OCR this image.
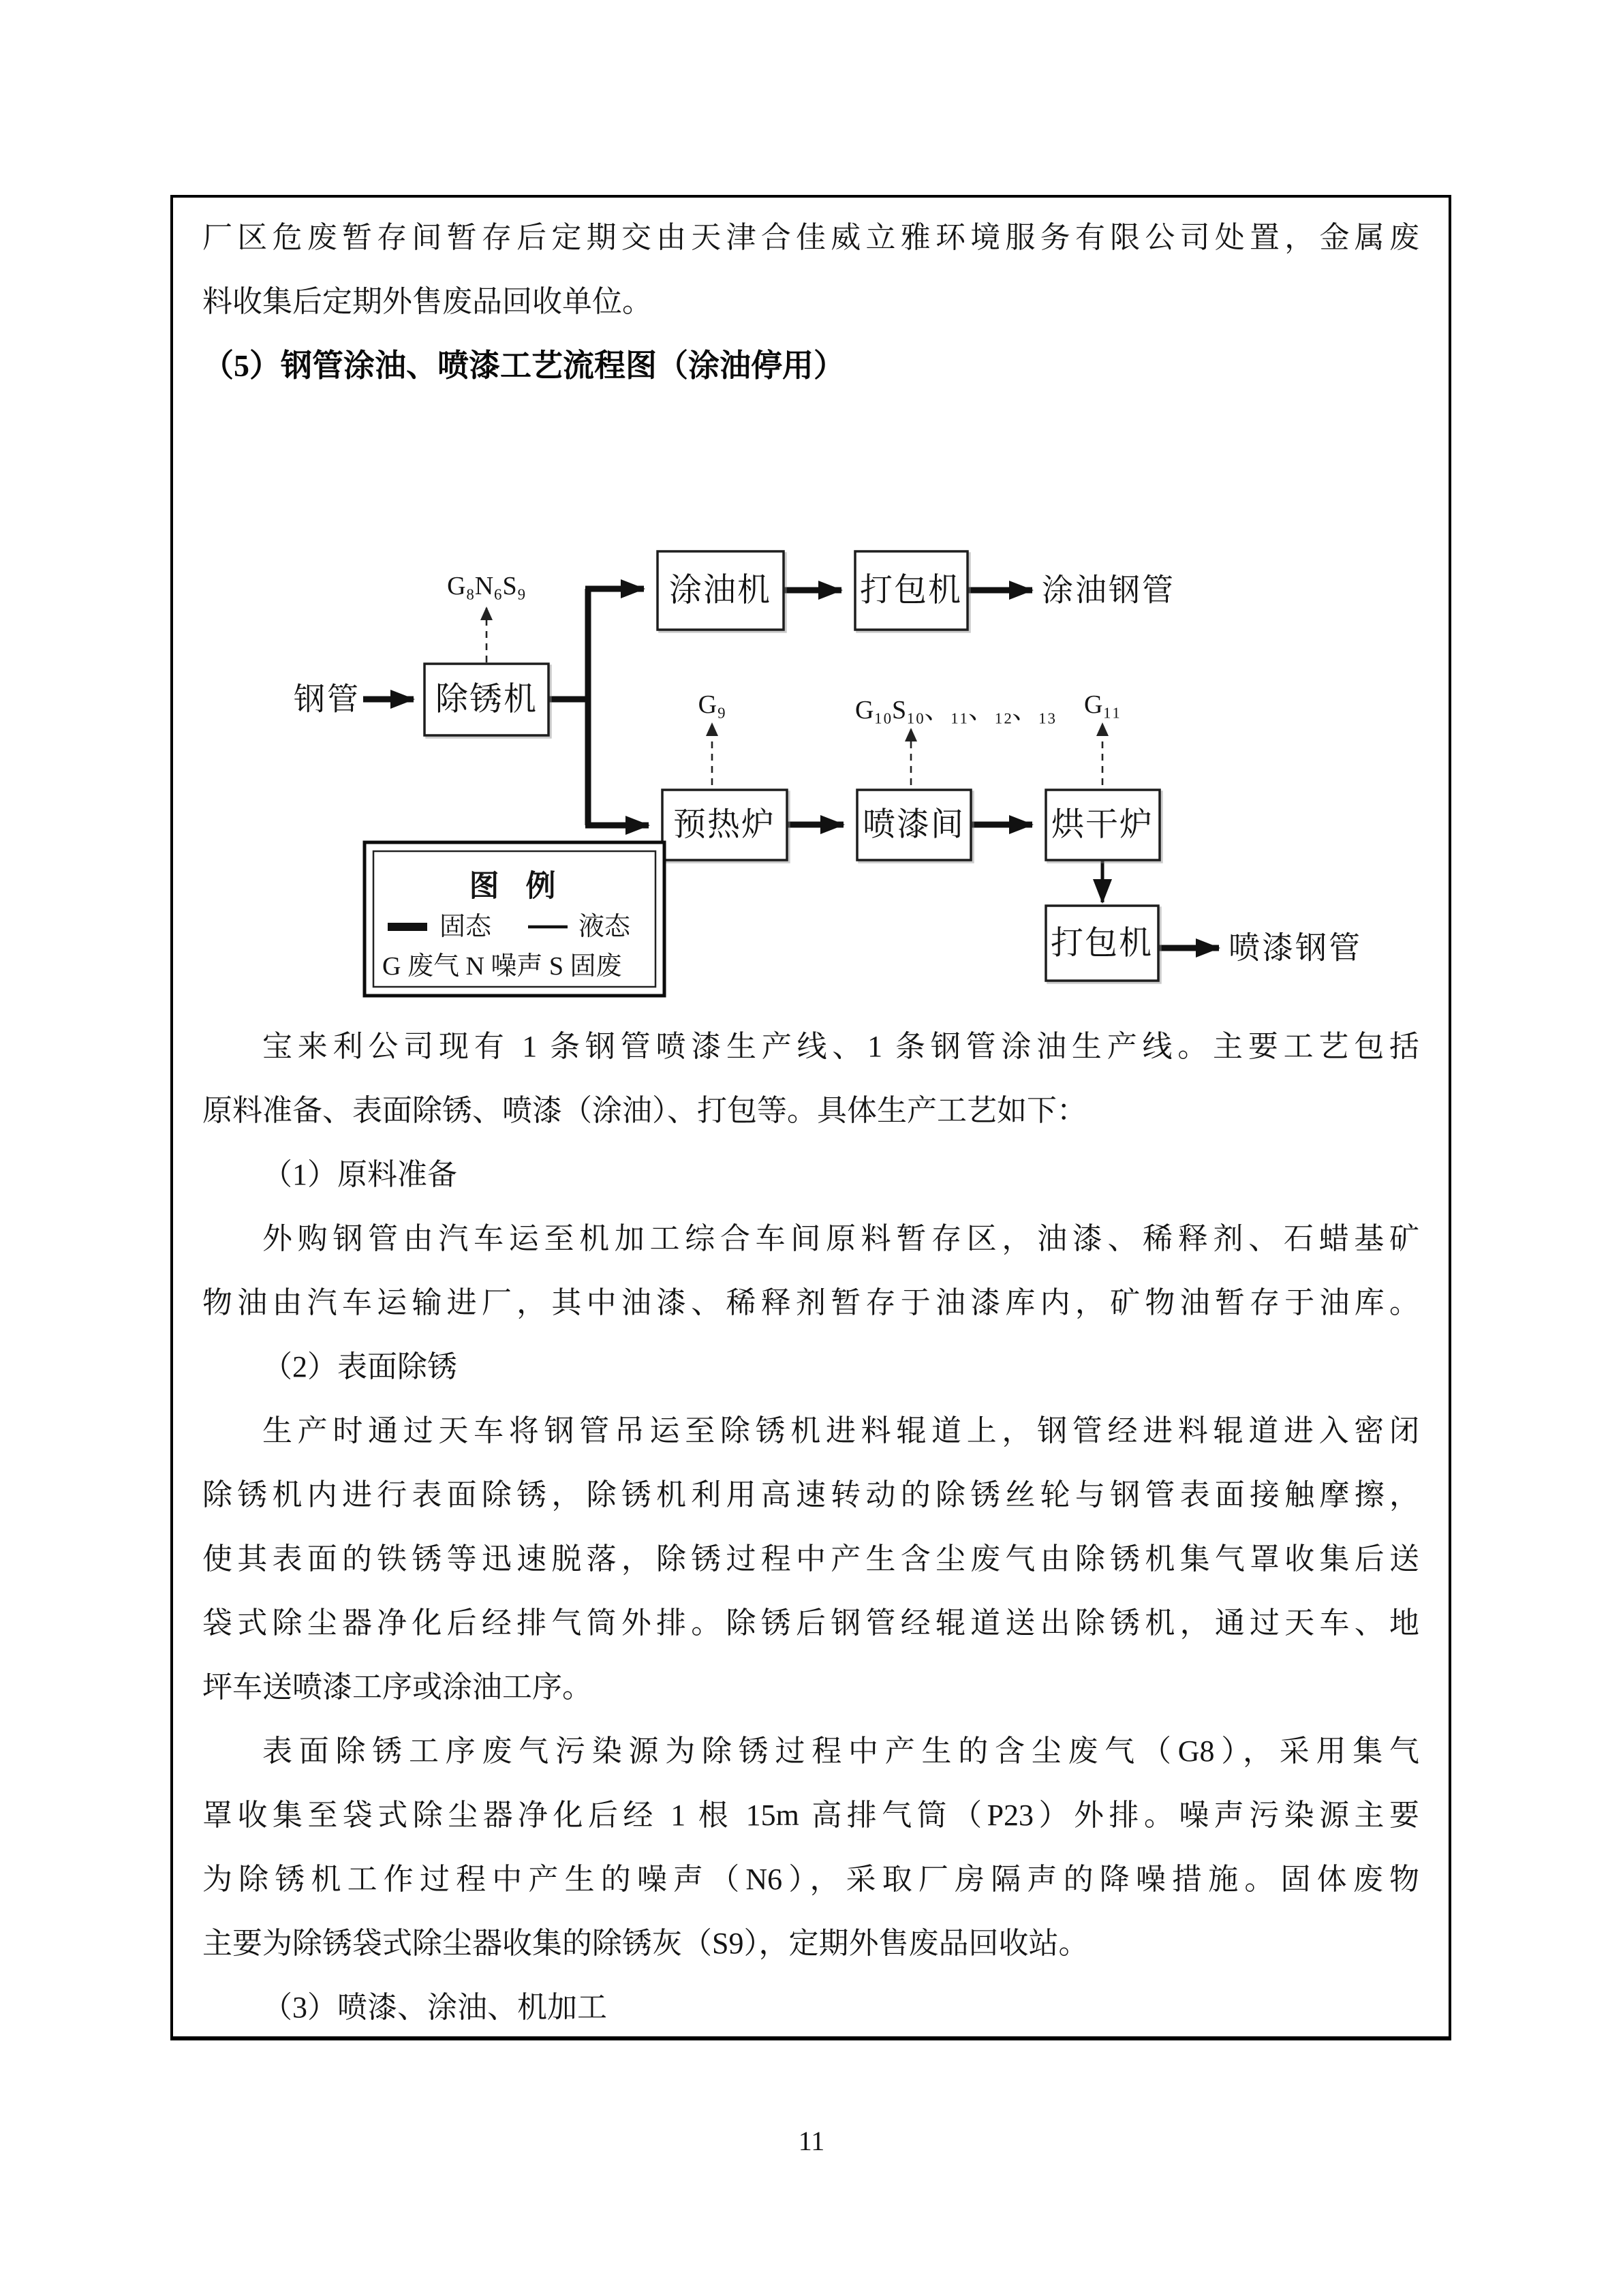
厂区危废暂存间暂存后定期交由天津合佳威立雅环境服务有限公司处置，金属废
料收集后定期外售废品回收单位。
（5）钢管涂油、喷漆工艺流程图（涂油停用）
除锈机
涂油机	打包机
预热炉	喷漆间	烘干炉
打包机
钢管
涂油钢管
喷漆钢管
G₈N₆S₉
G₉	G₁₀S₁₀、₁₁、₁₂、₁₃ G₁₁
图 例
固态	液态
G 废气 N 噪声 S 固废
宝来利公司现有 1 条钢管喷漆生产线、1 条钢管涂油生产线。主要工艺包括
原料准备、表面除锈、喷漆（涂油）、打包等。具体生产工艺如下：
（1）原料准备
外购钢管由汽车运至机加工综合车间原料暂存区，油漆、稀释剂、石蜡基矿
物油由汽车运输进厂，其中油漆、稀释剂暂存于油漆库内，矿物油暂存于油库。
（2）表面除锈
生产时通过天车将钢管吊运至除锈机进料辊道上，钢管经进料辊道进入密闭
除锈机内进行表面除锈，除锈机利用高速转动的除锈丝轮与钢管表面接触摩擦，
使其表面的铁锈等迅速脱落，除锈过程中产生含尘废气由除锈机集气罩收集后送
袋式除尘器净化后经排气筒外排。除锈后钢管经辊道送出除锈机，通过天车、地
坪车送喷漆工序或涂油工序。
表面除锈工序废气污染源为除锈过程中产生的含尘废气（G8），采用集气
罩收集至袋式除尘器净化后经 1 根 15m 高排气筒（P23）外排。噪声污染源主要
为除锈机工作过程中产生的噪声（N6），采取厂房隔声的降噪措施。固体废物
主要为除锈袋式除尘器收集的除锈灰（S9），定期外售废品回收站。
（3）喷漆、涂油、机加工
11
